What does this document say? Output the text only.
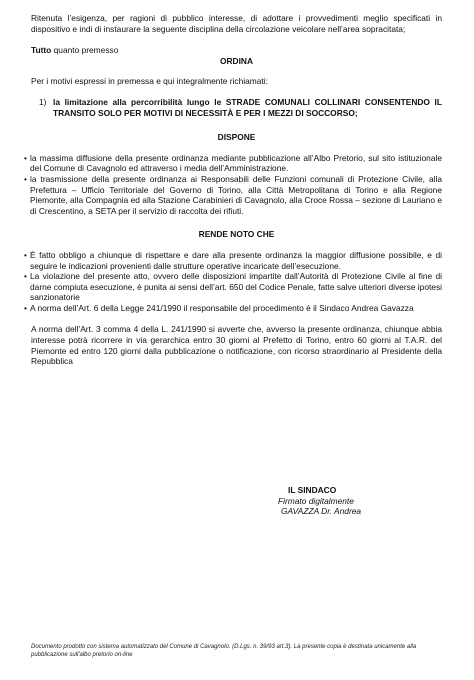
Ritenuta l’esigenza, per ragioni di pubblico interesse, di adottare i provvedimenti meglio specificati in dispositivo e indi di instaurare la seguente disciplina della circolazione veicolare nell’area sopracitata;

Tutto quanto premesso

ORDINA

Per i motivi espressi in premessa e qui integralmente richiamati:

1) la limitazione alla percorribilità lungo le STRADE COMUNALI COLLINARI CONSENTENDO IL TRANSITO SOLO PER MOTIVI DI NECESSITÀ E PER I MEZZI DI SOCCORSO;

DISPONE

• la massima diffusione della presente ordinanza mediante pubblicazione all’Albo Pretorio, sul sito istituzionale del Comune di Cavagnolo ed attraverso i media dell’Amministrazione.
• la trasmissione della presente ordinanza ai Responsabili delle Funzioni comunali di Protezione Civile, alla Prefettura – Ufficio Territoriale del Governo di Torino, alla Città Metropolitana di Torino e alla Regione Piemonte, alla Compagnia ed alla Stazione Carabinieri di Cavagnolo, alla Croce Rossa – sezione di Lauriano e di Crescentino, a SETA per il servizio di raccolta dei rifiuti.

RENDE NOTO CHE

• È fatto obbligo a chiunque di rispettare e dare alla presente ordinanza la maggior diffusione possibile, e di seguire le indicazioni provenienti dalle strutture operative incaricate dell’esecuzione.
• La violazione del presente atto, ovvero delle disposizioni impartite dall’Autorità di Protezione Civile al fine di darne compiuta esecuzione, è punita ai sensi dell’art. 650 del Codice Penale, fatte salve ulteriori diverse ipotesi sanzionatorie
• A norma dell’Art. 6 della Legge 241/1990 il responsabile del procedimento è il Sindaco Andrea Gavazza

A norma dell’Art. 3 comma 4 della L. 241/1990 si avverte che, avverso la presente ordinanza, chiunque abbia interesse potrà ricorrere in via gerarchica entro 30 giorni al Prefetto di Torino, entro 60 giorni al T.A.R. del Piemonte ed entro 120 giorni dalla pubblicazione o notificazione, con ricorso straordinario al Presidente della Repubblica

IL SINDACO
Firmato digitalmente
GAVAZZA Dr. Andrea
Documento prodotto con sistema automatizzato del Comune di Cavagnolo. (D.Lgs. n. 39/93 art.3). La presente copia è destinata unicamente alla pubblicazione sull'albo pretorio on-line
